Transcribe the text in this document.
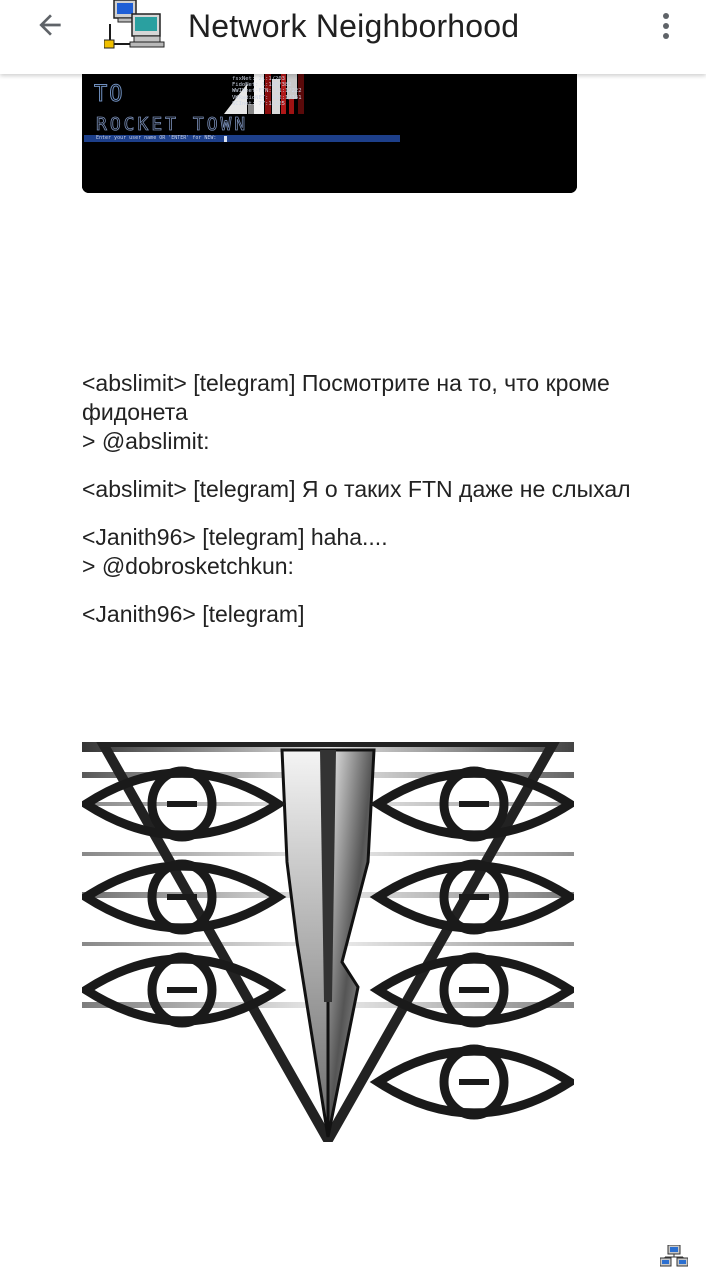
TO
fsxNet: 21:1/203
FidoNet: 1:135/382
WWIVnet-FTN: 11:1/222
VKRadioNET: 432:1/141
SCInet: 77:1/125
ROCKET TOWN
Enter your user name OR 'ENTER' for NEW:
<abslimit> [telegram] Посмотрите на то, что кроме
фидонета
> @abslimit:
<abslimit> [telegram] Я о таких FTN даже не слыхал
<Janith96> [telegram] haha....
> @dobrosketchkun:
<Janith96> [telegram]
Network Neighborhood
